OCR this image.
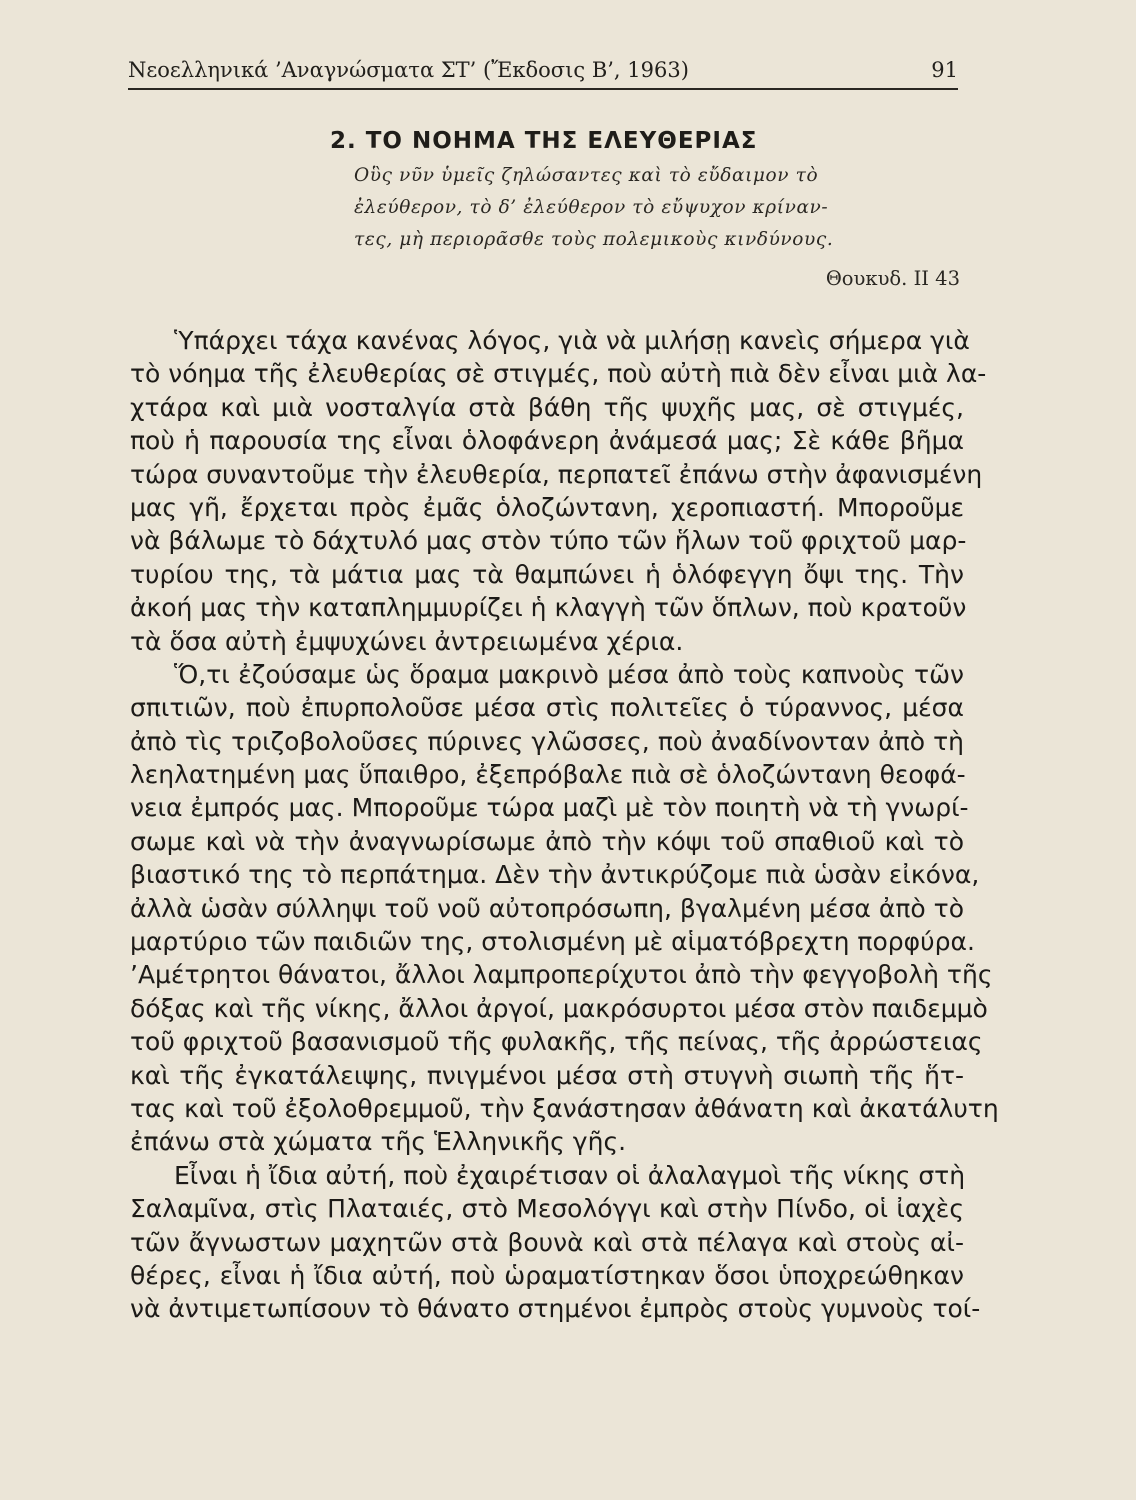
Νεοελληνικά ’Αναγνώσματα ΣΤ’ (Ἔκδοσις Β’, 1963)	91
2. ΤΟ ΝΟΗΜΑ ΤΗΣ ΕΛΕΥΘΕΡΙΑΣ
Οὓς νῦν ὑμεῖς ζηλώσαντες καὶ τὸ εὔδαιμον τὸ
ἐλεύθερον, τὸ δ’ ἐλεύθερον τὸ εὔψυχον κρίναν-
τες, μὴ περιορᾶσθε τοὺς πολεμικοὺς κινδύνους.
Θουκυδ. II 43
Ὑπάρχει τάχα κανένας λόγος, γιὰ νὰ μιλήσῃ κανεὶς σήμερα γιὰ
τὸ νόημα τῆς ἐλευθερίας σὲ στιγμές, ποὺ αὐτὴ πιὰ δὲν εἶναι μιὰ λα-
χτάρα καὶ μιὰ νοσταλγία στὰ βάθη τῆς ψυχῆς μας, σὲ στιγμές,
ποὺ ἡ παρουσία της εἶναι ὁλοφάνερη ἀνάμεσά μας; Σὲ κάθε βῆμα
τώρα συναντοῦμε τὴν ἐλευθερία, περπατεῖ ἐπάνω στὴν ἀφανισμένη
μας γῆ, ἔρχεται πρὸς ἐμᾶς ὁλοζώντανη, χεροπιαστή. Μποροῦμε
νὰ βάλωμε τὸ δάχτυλό μας στὸν τύπο τῶν ἥλων τοῦ φριχτοῦ μαρ-
τυρίου της, τὰ μάτια μας τὰ θαμπώνει ἡ ὁλόφεγγη ὄψι της. Τὴν
ἀκοή μας τὴν καταπλημμυρίζει ἡ κλαγγὴ τῶν ὅπλων, ποὺ κρατοῦν
τὰ ὅσα αὐτὴ ἐμψυχώνει ἀντρειωμένα χέρια.
Ὅ,τι ἐζούσαμε ὡς ὅραμα μακρινὸ μέσα ἀπὸ τοὺς καπνοὺς τῶν
σπιτιῶν, ποὺ ἐπυρπολοῦσε μέσα στὶς πολιτεῖες ὁ τύραννος, μέσα
ἀπὸ τὶς τριζοβολοῦσες πύρινες γλῶσσες, ποὺ ἀναδίνονταν ἀπὸ τὴ
λεηλατημένη μας ὕπαιθρο, ἐξεπρόβαλε πιὰ σὲ ὁλοζώντανη θεοφά-
νεια ἐμπρός μας. Μποροῦμε τώρα μαζὶ μὲ τὸν ποιητὴ νὰ τὴ γνωρί-
σωμε καὶ νὰ τὴν ἀναγνωρίσωμε ἀπὸ τὴν κόψι τοῦ σπαθιοῦ καὶ τὸ
βιαστικό της τὸ περπάτημα. Δὲν τὴν ἀντικρύζομε πιὰ ὡσὰν εἰκόνα,
ἀλλὰ ὡσὰν σύλληψι τοῦ νοῦ αὐτοπρόσωπη, βγαλμένη μέσα ἀπὸ τὸ
μαρτύριο τῶν παιδιῶν της, στολισμένη μὲ αἱματόβρεχτη πορφύρα.
’Αμέτρητοι θάνατοι, ἄλλοι λαμπροπερίχυτοι ἀπὸ τὴν φεγγοβολὴ τῆς
δόξας καὶ τῆς νίκης, ἄλλοι ἀργοί, μακρόσυρτοι μέσα στὸν παιδεμμὸ
τοῦ φριχτοῦ βασανισμοῦ τῆς φυλακῆς, τῆς πείνας, τῆς ἀρρώστειας
καὶ τῆς ἐγκατάλειψης, πνιγμένοι μέσα στὴ στυγνὴ σιωπὴ τῆς ἥτ-
τας καὶ τοῦ ἐξολοθρεμμοῦ, τὴν ξανάστησαν ἀθάνατη καὶ ἀκατάλυτη
ἐπάνω στὰ χώματα τῆς Ἑλληνικῆς γῆς.
Εἶναι ἡ ἴδια αὐτή, ποὺ ἐχαιρέτισαν οἱ ἀλαλαγμοὶ τῆς νίκης στὴ
Σαλαμῖνα, στὶς Πλαταιές, στὸ Μεσολόγγι καὶ στὴν Πίνδο, οἱ ἰαχὲς
τῶν ἄγνωστων μαχητῶν στὰ βουνὰ καὶ στὰ πέλαγα καὶ στοὺς αἰ-
θέρες, εἶναι ἡ ἴδια αὐτή, ποὺ ὡραματίστηκαν ὅσοι ὑποχρεώθηκαν
νὰ ἀντιμετωπίσουν τὸ θάνατο στημένοι ἐμπρὸς στοὺς γυμνοὺς τοί-
